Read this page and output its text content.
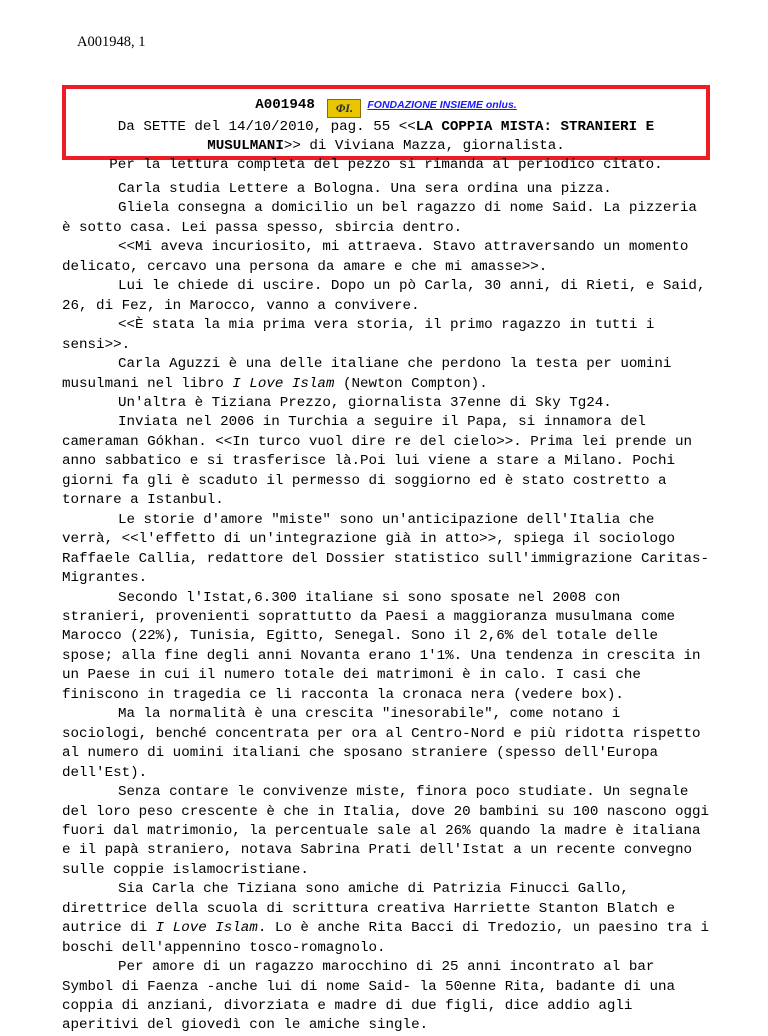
A001948, 1
A001948 ΦI. FONDAZIONE INSIEME onlus.
Da SETTE del 14/10/2010, pag. 55 <<LA COPPIA MISTA: STRANIERI E
MUSULMANI>> di Viviana Mazza, giornalista.
Per la lettura completa del pezzo si rimanda al periodico citato.

Carla studia Lettere a Bologna. Una sera ordina una pizza.

Gliela consegna a domicilio un bel ragazzo di nome Said. La pizzeria è sotto casa. Lei passa spesso, sbircia dentro.

<<Mi aveva incuriosito, mi attraeva. Stavo attraversando un momento delicato, cercavo una persona da amare e che mi amasse>>.

Lui le chiede di uscire. Dopo un pò Carla, 30 anni, di Rieti, e Said, 26, di Fez, in Marocco, vanno a convivere.

<<È stata la mia prima vera storia, il primo ragazzo in tutti i sensi>>.

Carla Aguzzi è una delle italiane che perdono la testa per uomini musulmani nel libro I Love Islam (Newton Compton).

Un'altra è Tiziana Prezzo, giornalista 37enne di Sky Tg24.

Inviata nel 2006 in Turchia a seguire il Papa, si innamora del cameraman Gókhan. <<In turco vuol dire re del cielo>>. Prima lei prende un anno sabbatico e si trasferisce là.Poi lui viene a stare a Milano. Pochi giorni fa gli è scaduto il permesso di soggiorno ed è stato costretto a tornare a Istanbul.

Le storie d'amore "miste" sono un'anticipazione dell'Italia che verrà, <<l'effetto di un'integrazione già in atto>>, spiega il sociologo Raffaele Callia, redattore del Dossier statistico sull'immigrazione Caritas-Migrantes.

Secondo l'Istat,6.300 italiane si sono sposate nel 2008 con stranieri, provenienti soprattutto da Paesi a maggioranza musulmana come Marocco (22%), Tunisia, Egitto, Senegal. Sono il 2,6% del totale delle spose; alla fine degli anni Novanta erano 1'1%. Una tendenza in crescita in un Paese in cui il numero totale dei matrimoni è in calo. I casi che finiscono in tragedia ce li racconta la cronaca nera (vedere box).

Ma la normalità è una crescita "inesorabile", come notano i sociologi, benché concentrata per ora al Centro-Nord e più ridotta rispetto al numero di uomini italiani che sposano straniere (spesso dell'Europa dell'Est).

Senza contare le convivenze miste, finora poco studiate. Un segnale del loro peso crescente è che in Italia, dove 20 bambini su 100 nascono oggi fuori dal matrimonio, la percentuale sale al 26% quando la madre è italiana e il papà straniero, notava Sabrina Prati dell'Istat a un recente convegno sulle coppie islamocristiane.

Sia Carla che Tiziana sono amiche di Patrizia Finucci Gallo, direttrice della scuola di scrittura creativa Harriette Stanton Blatch e autrice di I Love Islam. Lo è anche Rita Bacci di Tredozio, un paesino tra i boschi dell'appennino tosco-romagnolo.

Per amore di un ragazzo marocchino di 25 anni incontrato al bar Symbol di Faenza -anche lui di nome Said- la 50enne Rita, badante di una coppia di anziani, divorziata e madre di due figli, dice addio agli aperitivi del giovedì con le amiche single.
